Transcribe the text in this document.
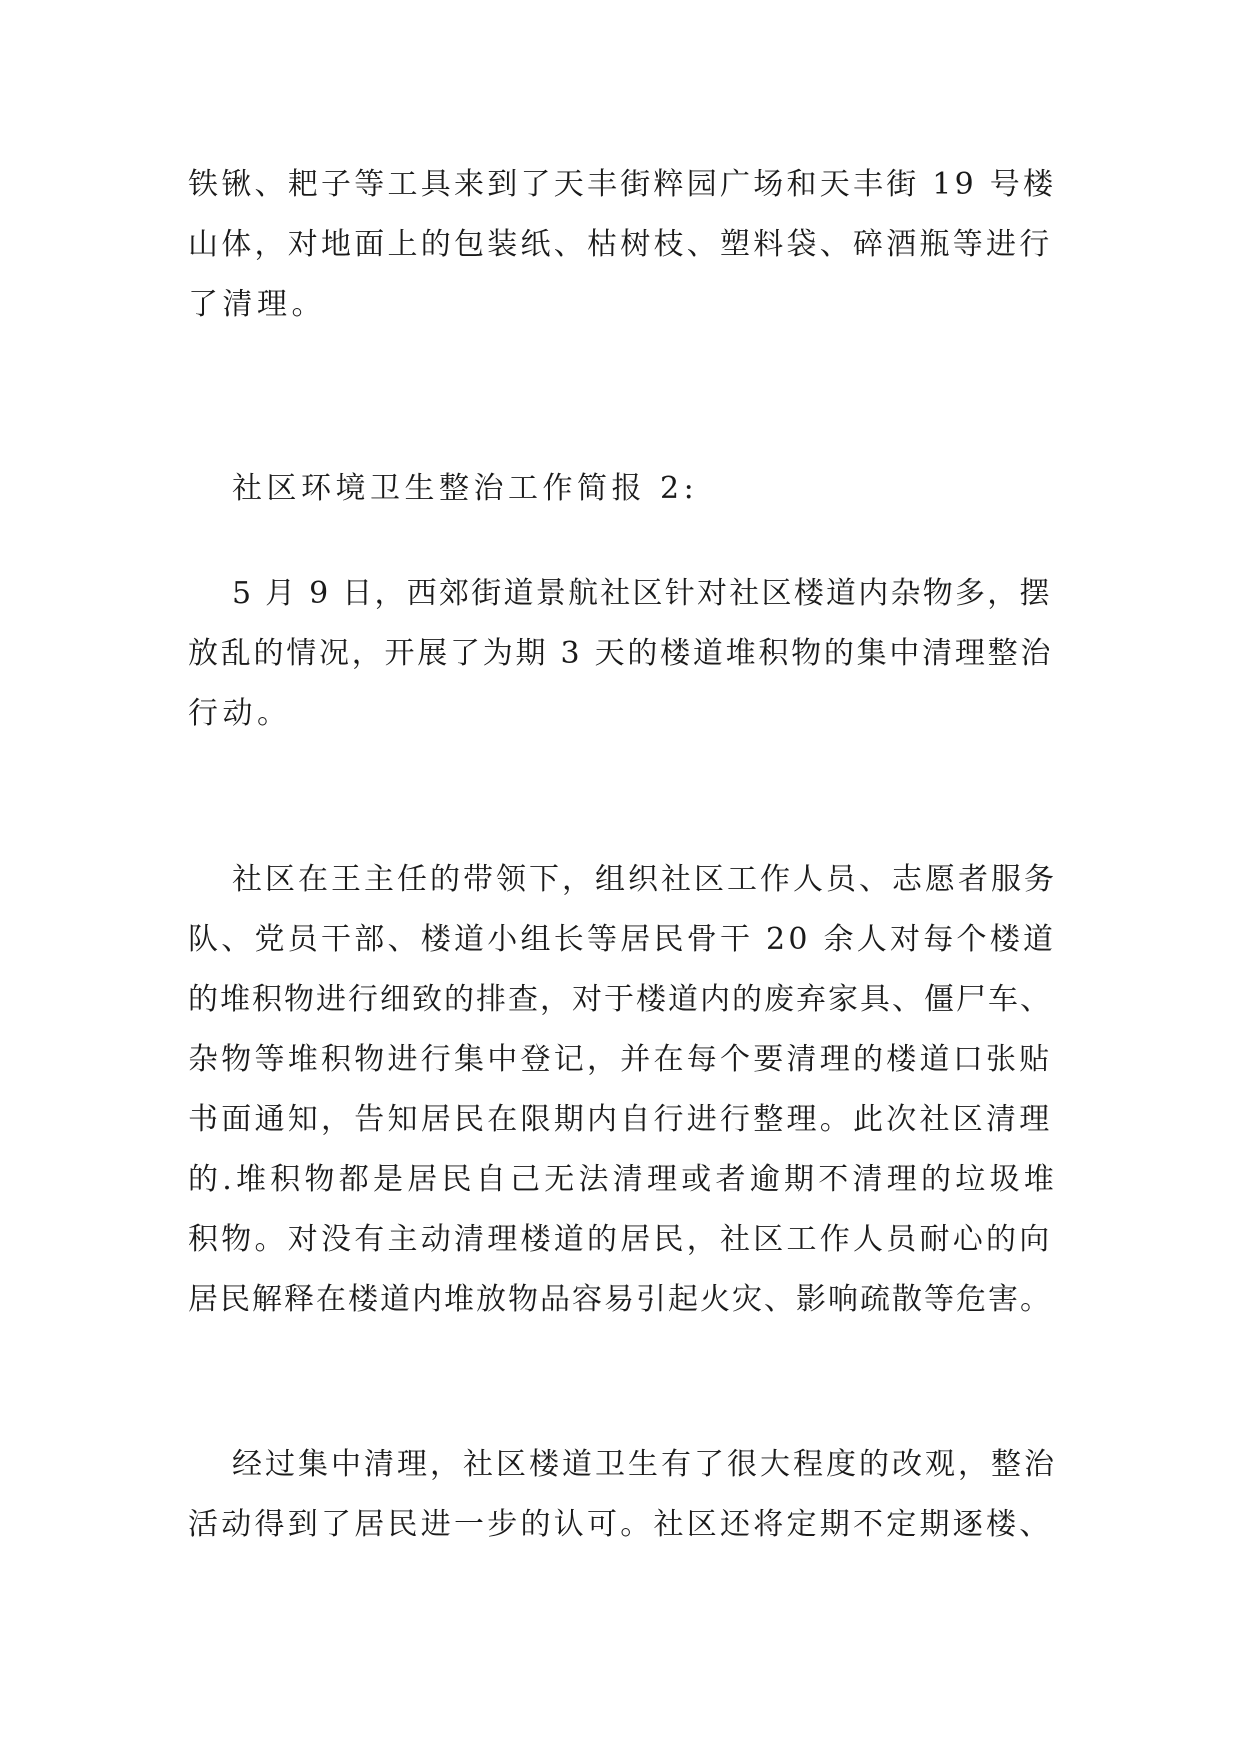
铁锹、耙子等工具来到了天丰街粹园广场和天丰街 19 号楼

山体，对地面上的包装纸、枯树枝、塑料袋、碎酒瓶等进行

了清理。

社区环境卫生整治工作简报 2:

5 月 9 日，西郊街道景航社区针对社区楼道内杂物多，摆

放乱的情况，开展了为期 3 天的楼道堆积物的集中清理整治

行动。

社区在王主任的带领下，组织社区工作人员、志愿者服务

队、党员干部、楼道小组长等居民骨干 20 余人对每个楼道

的堆积物进行细致的排查，对于楼道内的废弃家具、僵尸车、

杂物等堆积物进行集中登记，并在每个要清理的楼道口张贴

书面通知，告知居民在限期内自行进行整理。此次社区清理

的.堆积物都是居民自己无法清理或者逾期不清理的垃圾堆

积物。对没有主动清理楼道的居民，社区工作人员耐心的向

居民解释在楼道内堆放物品容易引起火灾、影响疏散等危害。

经过集中清理，社区楼道卫生有了很大程度的改观，整治

活动得到了居民进一步的认可。社区还将定期不定期逐楼、
